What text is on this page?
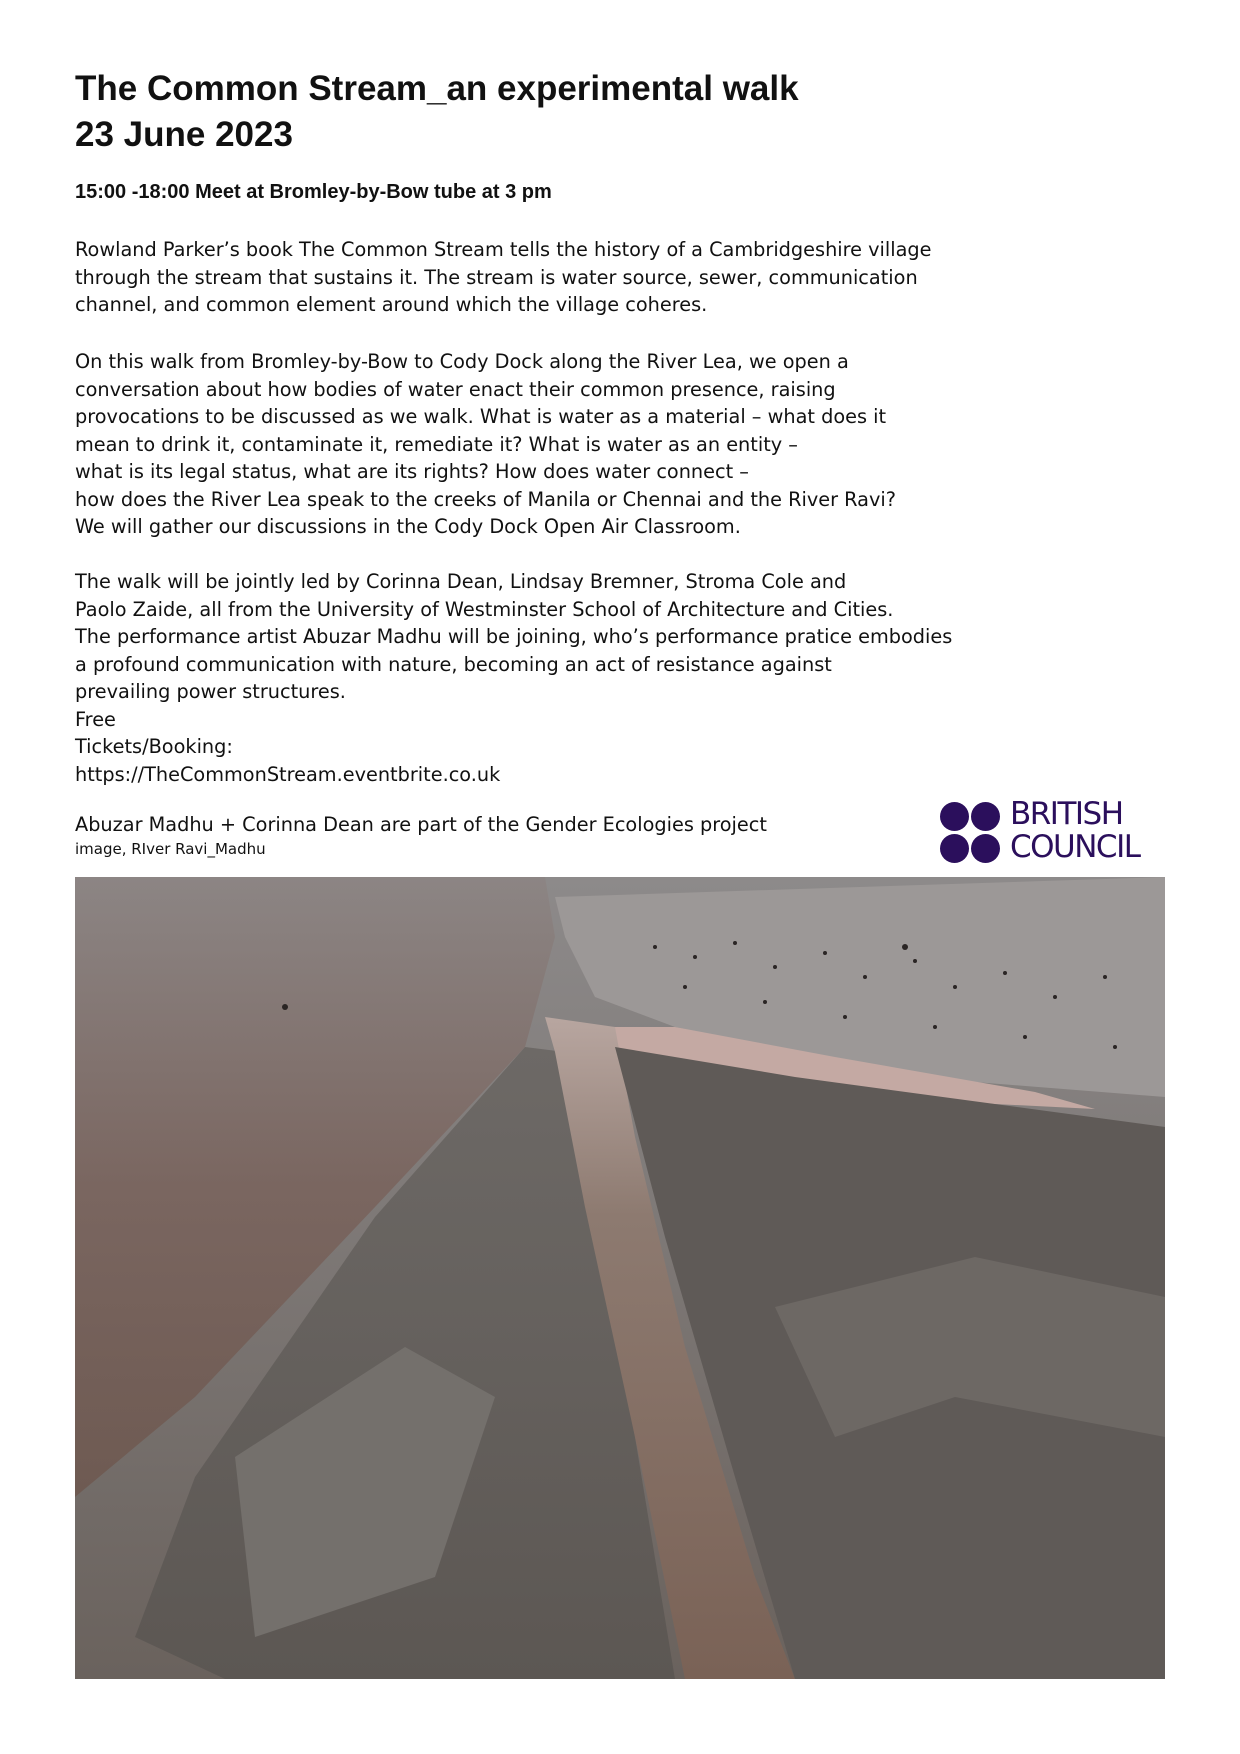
The Common Stream_an experimental walk
23 June 2023

15:00 -18:00 Meet at Bromley-by-Bow tube at 3 pm

Rowland Parker’s book The Common Stream tells the history of a Cambridgeshire village
through the stream that sustains it. The stream is water source, sewer, communication
channel, and common element around which the village coheres.

On this walk from Bromley-by-Bow to Cody Dock along the River Lea, we open a
conversation about how bodies of water enact their common presence, raising
provocations to be discussed as we walk. What is water as a material – what does it
mean to drink it, contaminate it, remediate it? What is water as an entity –
what is its legal status, what are its rights? How does water connect –
how does the River Lea speak to the creeks of Manila or Chennai and the River Ravi?
We will gather our discussions in the Cody Dock Open Air Classroom.

The walk will be jointly led by Corinna Dean, Lindsay Bremner, Stroma Cole and
Paolo Zaide, all from the University of Westminster School of Architecture and Cities.
The performance artist Abuzar Madhu will be joining, who’s performance pratice embodies
a profound communication with nature, becoming an act of resistance against
prevailing power structures.
Free
Tickets/Booking:
https://TheCommonStream.eventbrite.co.uk

Abuzar Madhu + Corinna Dean are part of the Gender Ecologies project

image, RIver Ravi_Madhu

BRITISH
COUNCIL
